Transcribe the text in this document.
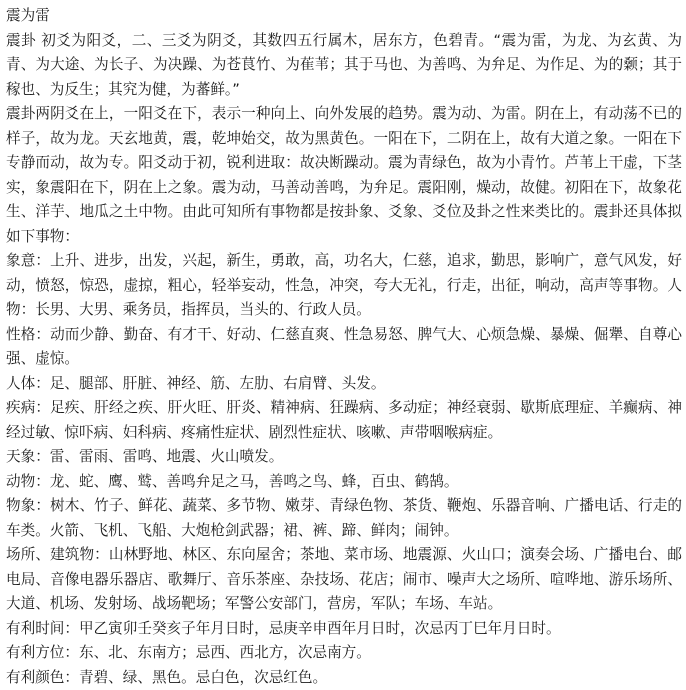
震为雷

震卦 初爻为阳爻，二、三爻为阴爻，其数四五行属木，居东方，色碧青。“震为雷，为龙、为玄黄、为青、为大途、为长子、为决躁、为苍茛竹、为萑苇；其于马也、为善鸣、为弁足、为作足、为的颡；其于稼也、为反生；其究为健，为蕃鲜。”

震卦两阴爻在上，一阳爻在下，表示一种向上、向外发展的趋势。震为动、为雷。阴在上，有动荡不已的样子，故为龙。天玄地黄，震，乾坤始交，故为黑黄色。一阳在下，二阴在上，故有大道之象。一阳在下专静而动，故为专。阳爻动于初，锐利进取：故决断躁动。震为青绿色，故为小青竹。芦苇上干虚，下茎实，象震阳在下，阴在上之象。震为动，马善动善鸣，为弁足。震阳刚，燥动，故健。初阳在下，故象花生、洋芋、地瓜之土中物。由此可知所有事物都是按卦象、爻象、爻位及卦之性来类比的。震卦还具体拟如下事物：

象意：上升、进步，出发，兴起，新生，勇敢，高，功名大，仁慈，追求，勤思，影响广，意气风发，好动，愤怒，惊恐，虚掠，粗心，轻举妄动，性急，冲突，夸大无礼，行走，出征，响动，高声等事物。人物：长男、大男、乘务员，指挥员，当头的、行政人员。

性格：动而少静、勤奋、有才干、好动、仁慈直爽、性急易怒、脾气大、心烦急燥、暴燥、倔犟、自尊心强、虚惊。

人体：足、腿部、肝脏、神经、筋、左肋、右肩臂、头发。

疾病：足疾、肝经之疾、肝火旺、肝炎、精神病、狂躁病、多动症；神经衰弱、歇斯底理症、羊癫病、神经过敏、惊吓病、妇科病、疼痛性症状、剧烈性症状、咳嗽、声带咽喉病症。

天象：雷、雷雨、雷鸣、地震、火山喷发。

动物：龙、蛇、鹰、鹫、善鸣弁足之马，善鸣之鸟、蜂，百虫、鹤鹄。

物象：树木、竹子、鲜花、蔬菜、多节物、嫩芽、青绿色物、茶货、鞭炮、乐器音响、广播电话、行走的车类。火箭、飞机、飞船、大炮枪剑武器；裙、裤、蹄、鲜肉；闹钟。

场所、建筑物：山林野地、林区、东向屋舍；茶地、菜市场、地震源、火山口；演奏会场、广播电台、邮电局、音像电器乐器店、歌舞厅、音乐茶座、杂技场、花店；闹市、噪声大之场所、喧哗地、游乐场所、大道、机场、发射场、战场靶场；军警公安部门，营房，军队；车场、车站。

有利时间：甲乙寅卯壬癸亥子年月日时，忌庚辛申酉年月日时，次忌丙丁巳年月日时。

有利方位：东、北、东南方；忌西、西北方，次忌南方。

有利颜色：青碧、绿、黑色。忌白色，次忌红色。
